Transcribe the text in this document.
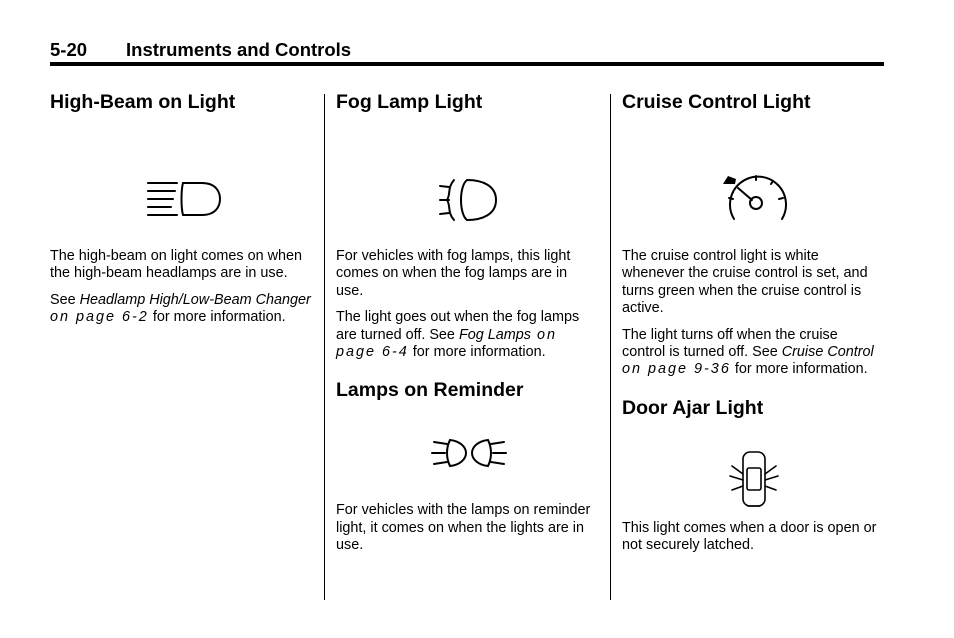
5-20 Instruments and Controls
High-Beam on Light

The high-beam on light comes on when the high-beam headlamps are in use.

See Headlamp High/Low-Beam Changer on page 6-2 for more information.

Fog Lamp Light

For vehicles with fog lamps, this light comes on when the fog lamps are in use.

The light goes out when the fog lamps are turned off. See Fog Lamps on page 6-4 for more information.

Lamps on Reminder

For vehicles with the lamps on reminder light, it comes on when the lights are in use.

Cruise Control Light

The cruise control light is white whenever the cruise control is set, and turns green when the cruise control is active.

The light turns off when the cruise control is turned off. See Cruise Control on page 9-36 for more information.

Door Ajar Light

This light comes when a door is open or not securely latched.
